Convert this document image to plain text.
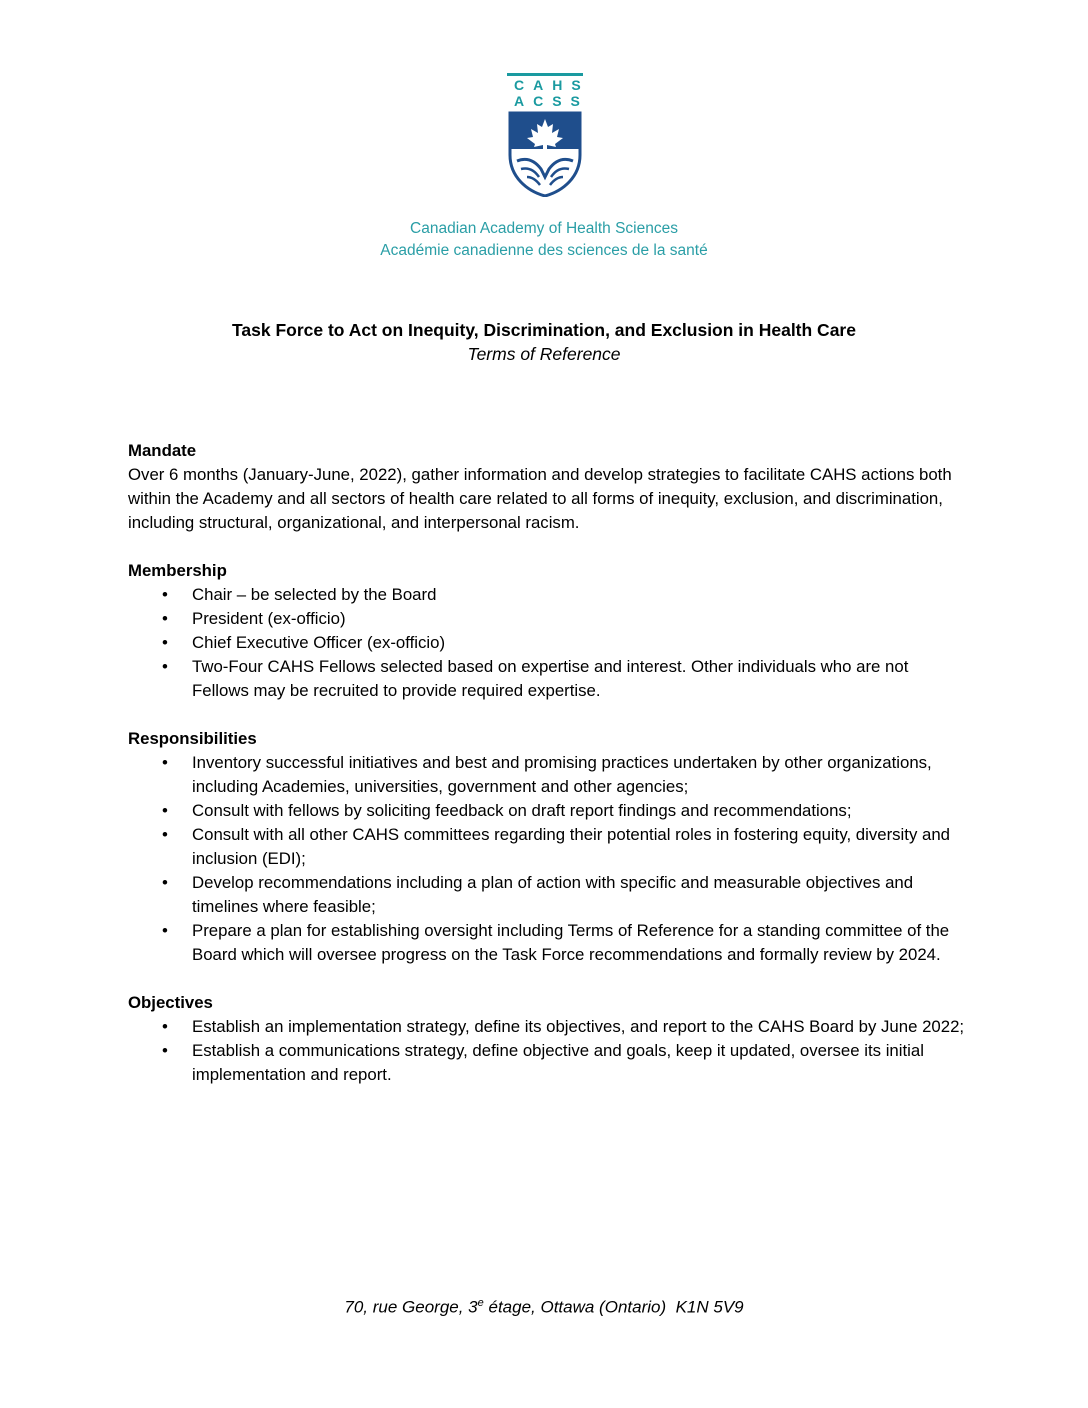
CAHS
ACSS
Canadian Academy of Health Sciences
Académie canadienne des sciences de la santé
Task Force to Act on Inequity, Discrimination, and Exclusion in Health Care
Terms of Reference
Mandate

Over 6 months (January-June, 2022), gather information and develop strategies to facilitate CAHS actions both within the Academy and all sectors of health care related to all forms of inequity, exclusion, and discrimination, including structural, organizational, and interpersonal racism.

Membership
• Chair – be selected by the Board
• President (ex-officio)
• Chief Executive Officer (ex-officio)
• Two-Four CAHS Fellows selected based on expertise and interest. Other individuals who are not Fellows may be recruited to provide required expertise.
Responsibilities
• Inventory successful initiatives and best and promising practices undertaken by other organizations, including Academies, universities, government and other agencies;
• Consult with fellows by soliciting feedback on draft report findings and recommendations;
• Consult with all other CAHS committees regarding their potential roles in fostering equity, diversity and inclusion (EDI);
• Develop recommendations including a plan of action with specific and measurable objectives and timelines where feasible;
• Prepare a plan for establishing oversight including Terms of Reference for a standing committee of the Board which will oversee progress on the Task Force recommendations and formally review by 2024.
Objectives
• Establish an implementation strategy, define its objectives, and report to the CAHS Board by June 2022;
• Establish a communications strategy, define objective and goals, keep it updated, oversee its initial implementation and report.
70, rue George, 3e étage, Ottawa (Ontario)  K1N 5V9
